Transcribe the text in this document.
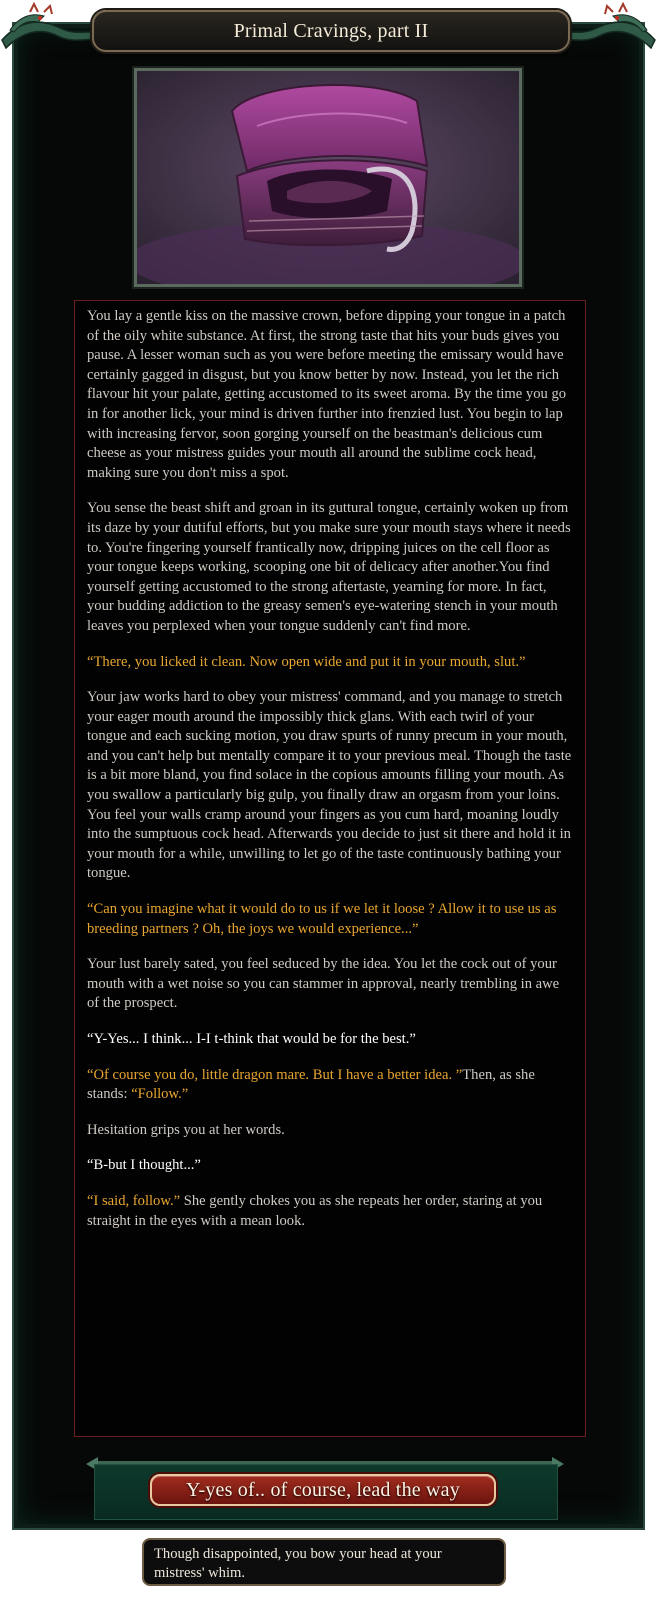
Primal Cravings, part II

You lay a gentle kiss on the massive crown, before dipping your tongue in a patch of the oily white substance. At first, the strong taste that hits your buds gives you pause. A lesser woman such as you were before meeting the emissary would have certainly gagged in disgust, but you know better by now. Instead, you let the rich flavour hit your palate, getting accustomed to its sweet aroma. By the time you go in for another lick, your mind is driven further into frenzied lust. You begin to lap with increasing fervor, soon gorging yourself on the beastman's delicious cum cheese as your mistress guides your mouth all around the sublime cock head, making sure you don't miss a spot.

You sense the beast shift and groan in its guttural tongue, certainly woken up from its daze by your dutiful efforts, but you make sure your mouth stays where it needs to. You're fingering yourself frantically now, dripping juices on the cell floor as your tongue keeps working, scooping one bit of delicacy after another.You find yourself getting accustomed to the strong aftertaste, yearning for more. In fact, your budding addiction to the greasy semen's eye-watering stench in your mouth leaves you perplexed when your tongue suddenly can't find more.

“There, you licked it clean. Now open wide and put it in your mouth, slut.”

Your jaw works hard to obey your mistress' command, and you manage to stretch your eager mouth around the impossibly thick glans. With each twirl of your tongue and each sucking motion, you draw spurts of runny precum in your mouth, and you can't help but mentally compare it to your previous meal. Though the taste is a bit more bland, you find solace in the copious amounts filling your mouth. As you swallow a particularly big gulp, you finally draw an orgasm from your loins. You feel your walls cramp around your fingers as you cum hard, moaning loudly into the sumptuous cock head. Afterwards you decide to just sit there and hold it in your mouth for a while, unwilling to let go of the taste continuously bathing your tongue.

“Can you imagine what it would do to us if we let it loose ? Allow it to use us as breeding partners ? Oh, the joys we would experience...”

Your lust barely sated, you feel seduced by the idea. You let the cock out of your mouth with a wet noise so you can stammer in approval, nearly trembling in awe of the prospect.

“Y-Yes... I think... I-I t-think that would be for the best.”

“Of course you do, little dragon mare. But I have a better idea. ”Then, as she stands: “Follow.”

Hesitation grips you at her words.

“B-but I thought...”

“I said, follow.” She gently chokes you as she repeats her order, staring at you straight in the eyes with a mean look.

Y-yes of.. of course, lead the way
Though disappointed, you bow your head at your mistress' whim.
